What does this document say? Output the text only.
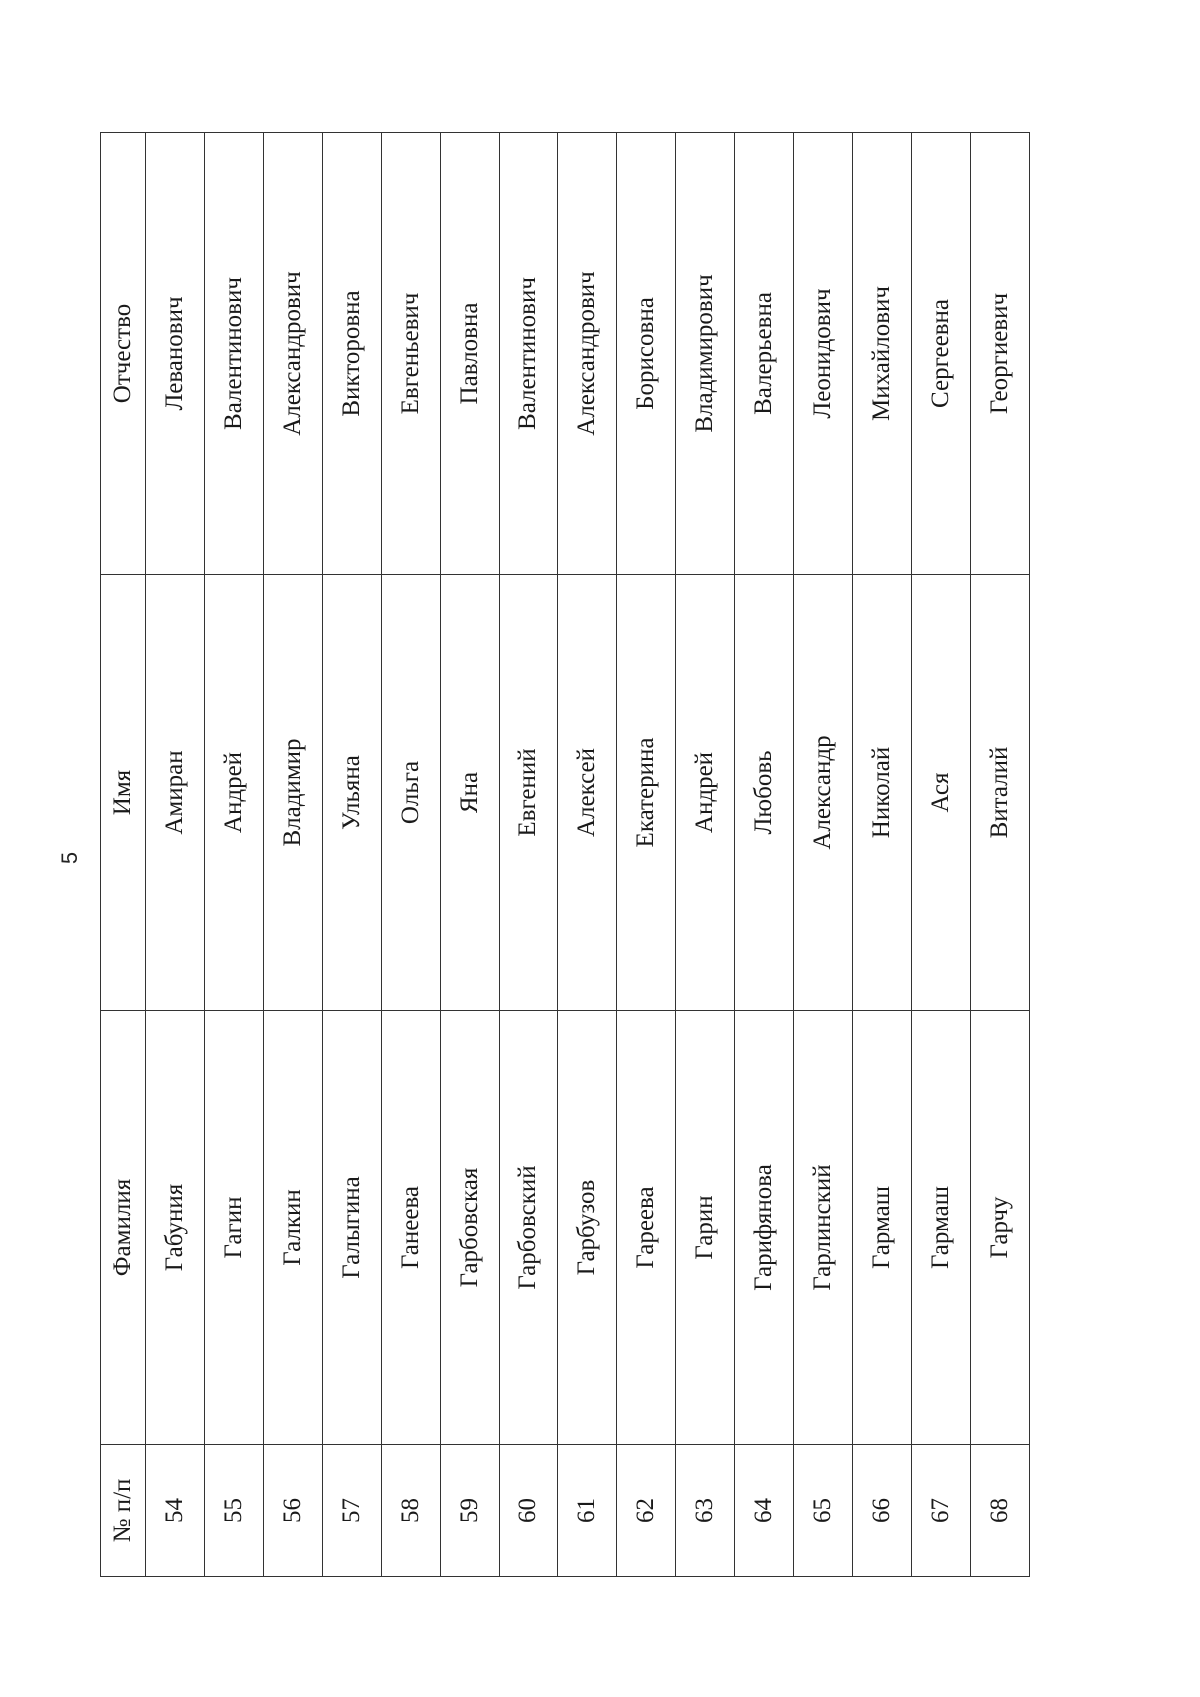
5
№ п/п	Фамилия	Имя	Отчество
54	Габуния	Амиран	Леванович
55	Гагин	Андрей	Валентинович
56	Галкин	Владимир	Александрович
57	Галыгина	Ульяна	Викторовна
58	Ганеева	Ольга	Евгеньевич
59	Гарбовская	Яна	Павловна
60	Гарбовский	Евгений	Валентинович
61	Гарбузов	Алексей	Александрович
62	Гареева	Екатерина	Борисовна
63	Гарин	Андрей	Владимирович
64	Гарифянова	Любовь	Валерьевна
65	Гарлинский	Александр	Леонидович
66	Гармаш	Николай	Михайлович
67	Гармаш	Ася	Сергеевна
68	Гарчу	Виталий	Георгиевич
